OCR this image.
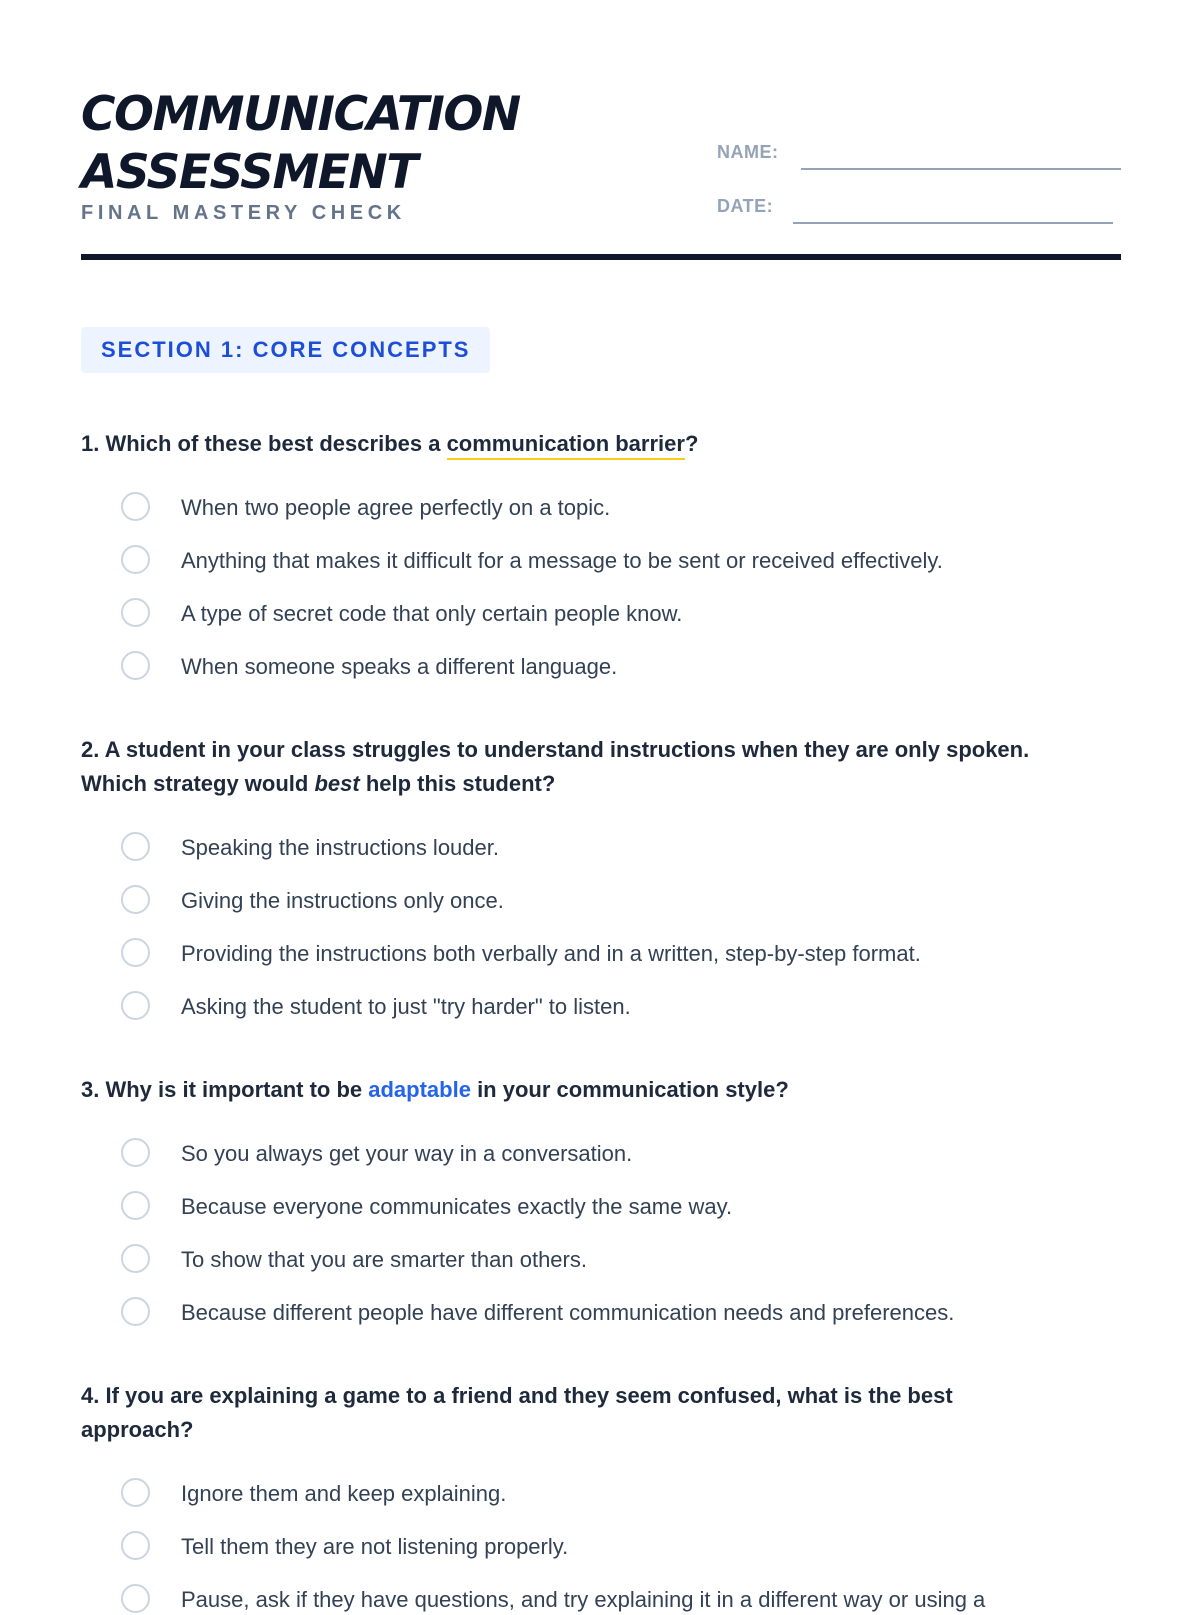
COMMUNICATION
ASSESSMENT
FINAL MASTERY CHECK
NAME:
DATE:
SECTION 1: CORE CONCEPTS

1. Which of these best describes a communication barrier?

When two people agree perfectly on a topic.
Anything that makes it difficult for a message to be sent or received effectively.
A type of secret code that only certain people know.
When someone speaks a different language.

2. A student in your class struggles to understand instructions when they are only spoken.
Which strategy would best help this student?

Speaking the instructions louder.
Giving the instructions only once.
Providing the instructions both verbally and in a written, step-by-step format.
Asking the student to just "try harder" to listen.

3. Why is it important to be adaptable in your communication style?

So you always get your way in a conversation.
Because everyone communicates exactly the same way.
To show that you are smarter than others.
Because different people have different communication needs and preferences.

4. If you are explaining a game to a friend and they seem confused, what is the best approach?

Ignore them and keep explaining.
Tell them they are not listening properly.
Pause, ask if they have questions, and try explaining it in a different way or using a
